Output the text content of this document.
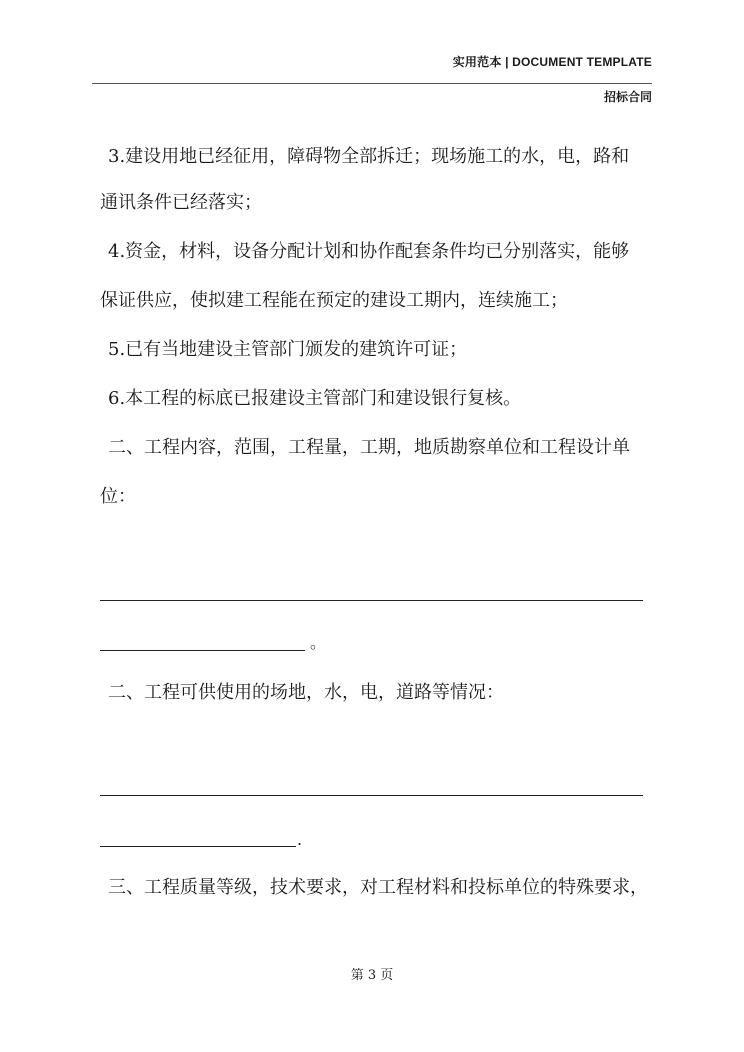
实用范本 | DOCUMENT TEMPLATE
招标合同
3.建设用地已经征用，障碍物全部拆迁；现场施工的水，电，路和
通讯条件已经落实；
4.资金，材料，设备分配计划和协作配套条件均已分别落实，能够
保证供应，使拟建工程能在预定的建设工期内，连续施工；
5.已有当地建设主管部门颁发的建筑许可证；
6.本工程的标底已报建设主管部门和建设银行复核。
二、工程内容，范围，工程量，工期，地质勘察单位和工程设计单
位：
。
二、工程可供使用的场地，水，电，道路等情况：
.
三、工程质量等级，技术要求，对工程材料和投标单位的特殊要求，
第 3 页
